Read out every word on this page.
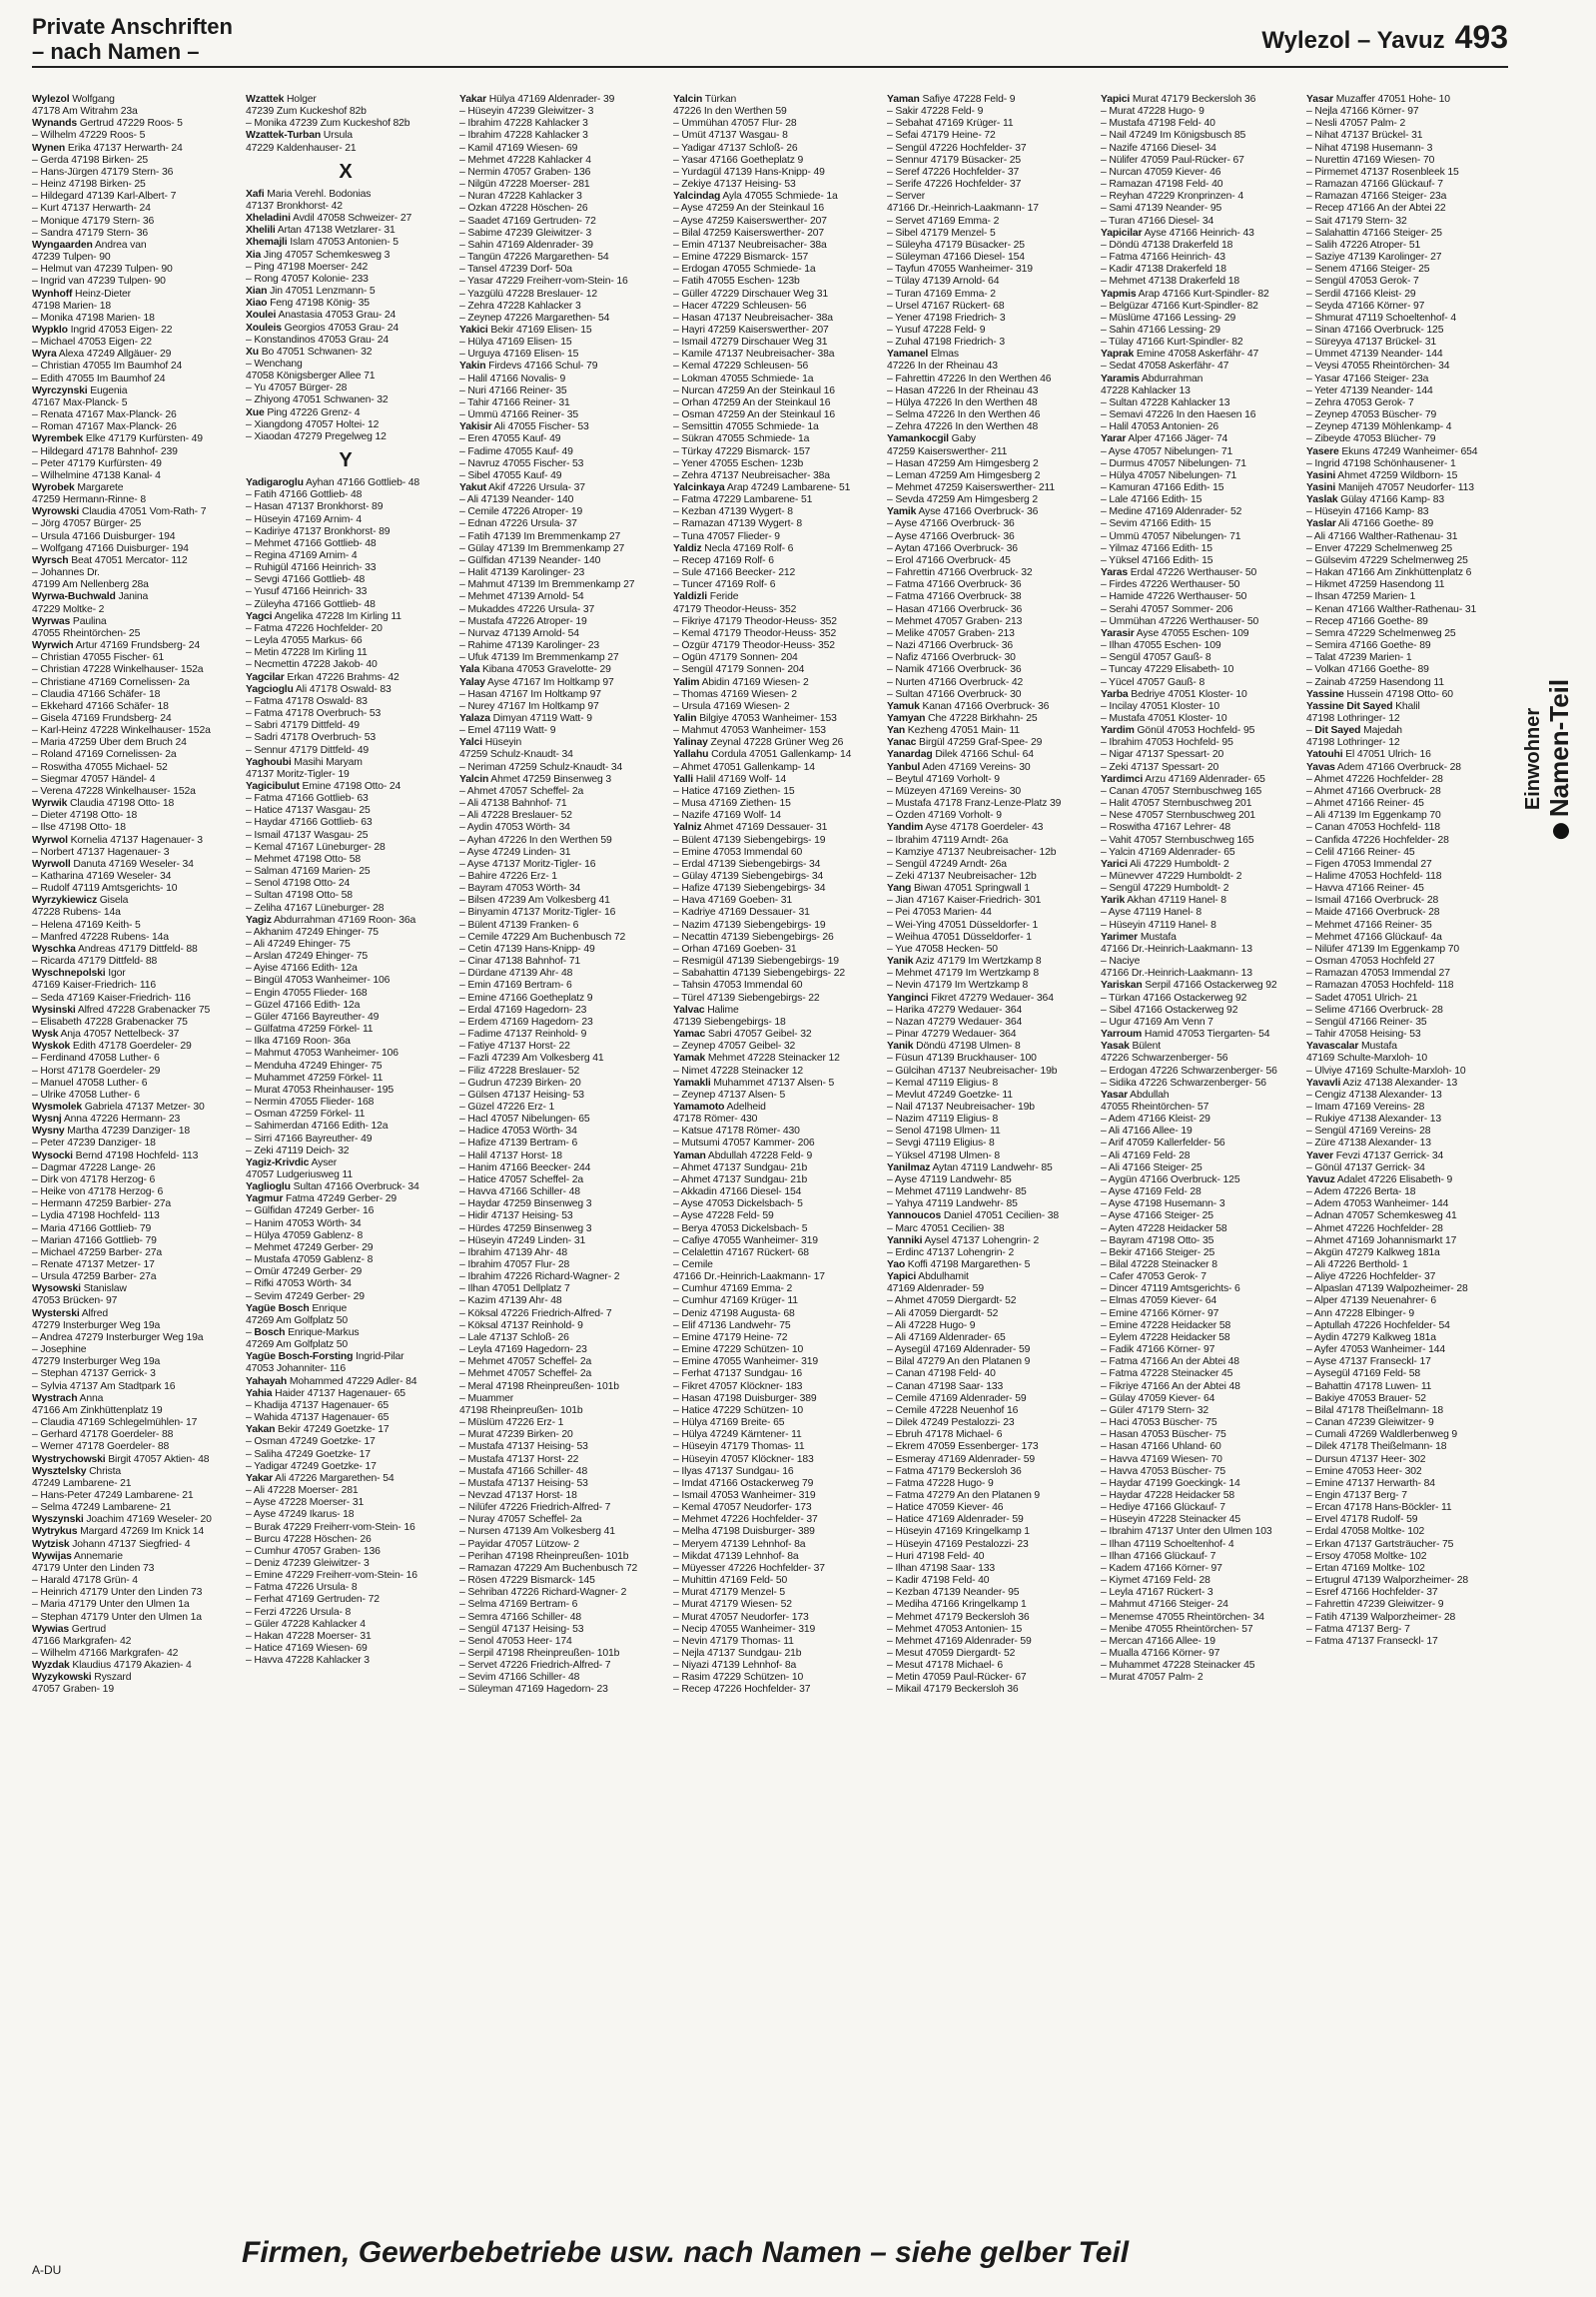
Private Anschriften
– nach Namen –	Wylezol – Yavuz 493
Wylezol Wolfgang
47178 Am Witrahm 23a
Wynands Gertrud 47229 Roos- 5
– Wilhelm 47229 Roos- 5
Wynen Erika 47137 Herwarth- 24
– Gerda 47198 Birken- 25
– Hans-Jürgen 47179 Stern- 36
– Heinz 47198 Birken- 25
– Hildegard 47139 Karl-Albert- 7
– Kurt 47137 Herwarth- 24
– Monique 47179 Stern- 36
– Sandra 47179 Stern- 36
Wyngaarden Andrea van
47239 Tulpen- 90
– Helmut van 47239 Tulpen- 90
– Ingrid van 47239 Tulpen- 90
Wynhoff Heinz-Dieter
47198 Marien- 18
– Monika 47198 Marien- 18
Wypklo Ingrid 47053 Eigen- 22
– Michael 47053 Eigen- 22
Wyra Alexa 47249 Allgäuer- 29
– Christian 47055 Im Baumhof 24
– Edith 47055 Im Baumhof 24
Wyrczynski Eugenia
47167 Max-Planck- 5
– Renata 47167 Max-Planck- 26
– Roman 47167 Max-Planck- 26
Wyrembek Elke 47179 Kurfürsten- 49
– Hildegard 47178 Bahnhof- 239
– Peter 47179 Kurfürsten- 49
– Wilhelmine 47138 Kanal- 4
Wyrobek Margarete
47259 Hermann-Rinne- 8
Wyrowski Claudia 47051 Vom-Rath- 7
– Jörg 47057 Bürger- 25
– Ursula 47166 Duisburger- 194
– Wolfgang 47166 Duisburger- 194
Wyrsch Beat 47051 Mercator- 112
– Johannes Dr.
47199 Am Nellenberg 28a
Wyrwa-Buchwald Janina
47229 Moltke- 2
Wyrwas Paulina
47055 Rheintörchen- 25
Wyrwich Artur 47169 Frundsberg- 24
– Christian 47055 Fischer- 61
– Christian 47228 Winkelhauser- 152a
– Christiane 47169 Cornelissen- 2a
– Claudia 47166 Schäfer- 18
– Ekkehard 47166 Schäfer- 18
– Gisela 47169 Frundsberg- 24
– Karl-Heinz 47228 Winkelhauser- 152a
– Maria 47259 Über dem Bruch 24
– Roland 47169 Cornelissen- 2a
– Roswitha 47055 Michael- 52
– Siegmar 47057 Händel- 4
– Verena 47228 Winkelhauser- 152a
Wyrwik Claudia 47198 Otto- 18
– Dieter 47198 Otto- 18
– Ilse 47198 Otto- 18
Wyrwol Kornelia 47137 Hagenauer- 3
– Norbert 47137 Hagenauer- 3
Wyrwoll Danuta 47169 Weseler- 34
– Katharina 47169 Weseler- 34
– Rudolf 47119 Amtsgerichts- 10
Wyrzykiewicz Gisela
47228 Rubens- 14a
– Helena 47169 Keith- 5
– Manfred 47228 Rubens- 14a
Wyschka Andreas 47179 Dittfeld- 88
– Ricarda 47179 Dittfeld- 88
Wyschnepolski Igor
47169 Kaiser-Friedrich- 116
– Seda 47169 Kaiser-Friedrich- 116
Wysinski Alfred 47228 Grabenacker 75
– Elisabeth 47228 Grabenacker 75
Wysk Anja 47057 Nettelbeck- 37
Wyskok Edith 47178 Goerdeler- 29
– Ferdinand 47058 Luther- 6
– Horst 47178 Goerdeler- 29
– Manuel 47058 Luther- 6
– Ulrike 47058 Luther- 6
Wysmolek Gabriela 47137 Metzer- 30
Wysnj Anna 47226 Hermann- 23
Wysny Martha 47239 Danziger- 18
– Peter 47239 Danziger- 18
Wysocki Bernd 47198 Hochfeld- 113
– Dagmar 47228 Lange- 26
– Dirk von 47178 Herzog- 6
– Heike von 47178 Herzog- 6
– Hermann 47259 Barbier- 27a
– Lydia 47198 Hochfeld- 113
– Maria 47166 Gottlieb- 79
– Marian 47166 Gottlieb- 79
– Michael 47259 Barber- 27a
– Renate 47137 Metzer- 17
– Ursula 47259 Barber- 27a
Wysowski Stanislaw
47053 Brücken- 97
Wysterski Alfred
47279 Insterburger Weg 19a
– Andrea 47279 Insterburger Weg 19a
– Josephine
47279 Insterburger Weg 19a
– Stephan 47137 Gerrick- 3
– Sylvia 47137 Am Stadtpark 16
Wystrach Anna
47166 Am Zinkhüttenplatz 19
– Claudia 47169 Schlegelmühlen- 17
– Gerhard 47178 Goerdeler- 88
– Werner 47178 Goerdeler- 88
Wystrychowski Birgit 47057 Aktien- 48
Wysztelsky Christa
47249 Lambarene- 21
– Hans-Peter 47249 Lambarene- 21
– Selma 47249 Lambarene- 21
Wyszynski Joachim 47169 Weseler- 20
Wytrykus Margard 47269 Im Knick 14
Wytzisk Johann 47137 Siegfried- 4
Wywijas Annemarie
47179 Unter den Linden 73
– Harald 47178 Grün- 4
– Heinrich 47179 Unter den Linden 73
– Maria 47179 Unter den Ulmen 1a
– Stephan 47179 Unter den Ulmen 1a
Wywias Gertrud
47166 Markgrafen- 42
– Wilhelm 47166 Markgrafen- 42
Wyzdak Klaudius 47179 Akazien- 4
Wyzykowski Ryszard
47057 Graben- 19
Wzattek Holger
47239 Zum Kuckeshof 82b
– Monika 47239 Zum Kuckeshof 82b
Wzattek-Turban Ursula
47229 Kaldenhauser- 21
X
Xafi Maria Verehl. Bodonias
47137 Bronkhorst- 42
Xheladini Avdil 47058 Schweizer- 27
Xhelili Artan 47138 Wetzlarer- 31
Xhemajli Islam 47053 Antonien- 5
Xia Jing 47057 Schemkesweg 3
– Ping 47198 Moerser- 242
– Rong 47057 Kolonie- 233
Xian Jin 47051 Lenzmann- 5
Xiao Feng 47198 König- 35
Xoulei Anastasia 47053 Grau- 24
Xouleis Georgios 47053 Grau- 24
– Konstandinos 47053 Grau- 24
Xu Bo 47051 Schwanen- 32
– Wenchang
47058 Königsberger Allee 71
– Yu 47057 Bürger- 28
– Zhiyong 47051 Schwanen- 32
Xue Ping 47226 Grenz- 4
– Xiangdong 47057 Holtei- 12
– Xiaodan 47279 Pregelweg 12
Y
Yadigaroglu Ayhan 47166 Gottlieb- 48
– Fatih 47166 Gottlieb- 48
– Hasan 47137 Bronkhorst- 89
– Hüseyin 47169 Arnim- 4
– Kadiriye 47137 Bronkhorst- 89
– Mehmet 47166 Gottlieb- 48
– Regina 47169 Arnim- 4
– Ruhigül 47166 Heinrich- 33
– Sevgi 47166 Gottlieb- 48
– Yusuf 47166 Heinrich- 33
– Züleyha 47166 Gottlieb- 48
Yagci Angelika 47228 Im Kirling 11
– Fatma 47226 Hochfelder- 20
– Leyla 47055 Markus- 66
– Metin 47228 Im Kirling 11
– Necmettin 47228 Jakob- 40
Yagcilar Erkan 47226 Brahms- 42
Yagcioglu Ali 47178 Oswald- 83
– Fatma 47178 Oswald- 83
– Fatma 47178 Overbruch- 53
– Sabri 47179 Dittfeld- 49
– Sadri 47178 Overbruch- 53
– Sennur 47179 Dittfeld- 49
Yaghoubi Masihi Maryam
47137 Moritz-Tigler- 19
Yagicibulut Emine 47198 Otto- 24
– Fatma 47166 Gottlieb- 63
– Hatice 47137 Wasgau- 25
– Haydar 47166 Gottlieb- 63
– Ismail 47137 Wasgau- 25
– Kemal 47167 Lüneburger- 28
– Mehmet 47198 Otto- 58
– Salman 47169 Marien- 25
– Senol 47198 Otto- 24
– Sultan 47198 Otto- 58
– Zeliha 47167 Lüneburger- 28
Yagiz Abdurrahman 47169 Roon- 36a
– Akhanim 47249 Ehinger- 75
– Ali 47249 Ehinger- 75
– Arslan 47249 Ehinger- 75
– Ayise 47166 Edith- 12a
– Bingül 47053 Wanheimer- 106
– Engin 47055 Flieder- 168
– Güzel 47166 Edith- 12a
– Güler 47166 Bayreuther- 49
– Gülfatma 47259 Förkel- 11
– Ilka 47169 Roon- 36a
– Mahmut 47053 Wanheimer- 106
– Menduha 47249 Ehinger- 75
– Muhammet 47259 Förkel- 11
– Murat 47053 Rheinhauser- 195
– Nermin 47055 Flieder- 168
– Osman 47259 Förkel- 11
– Sahimerdan 47166 Edith- 12a
– Sirri 47166 Bayreuther- 49
– Zeki 47119 Deich- 32
Yagiz-Krivdic Ayser
47057 Ludgeriusweg 11
Yaglioglu Sultan 47166 Overbruck- 34
Yagmur Fatma 47249 Gerber- 29
– Gülfidan 47249 Gerber- 16
– Hanim 47053 Wörth- 34
– Hülya 47059 Gablenz- 8
– Mehmet 47249 Gerber- 29
– Mustafa 47059 Gablenz- 8
– Ömür 47249 Gerber- 29
– Rifki 47053 Wörth- 34
– Sevim 47249 Gerber- 29
Yagüe Bosch Enrique
47269 Am Golfplatz 50
– Bosch Enrique-Markus
47269 Am Golfplatz 50
Yagüe Bosch-Forsting Ingrid-Pilar
47053 Johanniter- 116
Yahayah Mohammed 47229 Adler- 84
Yahia Haider 47137 Hagenauer- 65
– Khadija 47137 Hagenauer- 65
– Wahida 47137 Hagenauer- 65
Yakan Bekir 47249 Goetzke- 17
– Osman 47249 Goetzke- 17
– Saliha 47249 Goetzke- 17
– Yadigar 47249 Goetzke- 17
Yakar Ali 47226 Margarethen- 54
– Ali 47228 Moerser- 281
– Ayse 47228 Moerser- 31
– Ayse 47249 Ikarus- 18
– Burak 47229 Freiherr-vom-Stein- 16
– Burcu 47228 Höschen- 26
– Cumhur 47057 Graben- 136
– Deniz 47239 Gleiwitzer- 3
– Emine 47229 Freiherr-vom-Stein- 16
– Fatma 47226 Ursula- 8
– Ferhat 47169 Gertruden- 72
– Ferzi 47226 Ursula- 8
– Güler 47228 Kahlacker 4
– Hakan 47228 Moerser- 31
– Hatice 47169 Wiesen- 69
– Havva 47228 Kahlacker 3
Yakar Hülya 47169 Aldenrader- 39
– Hüseyin 47239 Gleiwitzer- 3
– Ibrahim 47228 Kahlacker 3
– Ibrahim 47228 Kahlacker 3
– Kamil 47169 Wiesen- 69
– Mehmet 47228 Kahlacker 4
– Nermin 47057 Graben- 136
– Nilgün 47228 Moerser- 281
– Nuran 47228 Kahlacker 3
– Özkan 47228 Höschen- 26
– Saadet 47169 Gertruden- 72
– Sabime 47239 Gleiwitzer- 3
– Sahin 47169 Aldenrader- 39
– Tangün 47226 Margarethen- 54
– Tansel 47239 Dorf- 50a
– Yasar 47229 Freiherr-vom-Stein- 16
– Yazgülü 47228 Breslauer- 12
– Zehra 47228 Kahlacker 3
– Zeynep 47226 Margarethen- 54
Yakici Bekir 47169 Elisen- 15
– Hülya 47169 Elisen- 15
– Urguya 47169 Elisen- 15
Yakin Firdevs 47166 Schul- 79
– Halil 47166 Novalis- 9
– Nuri 47166 Reiner- 35
– Tahir 47166 Reiner- 31
– Ümmü 47166 Reiner- 35
Yakisir Ali 47055 Fischer- 53
– Eren 47055 Kauf- 49
– Fadime 47055 Kauf- 49
– Navruz 47055 Fischer- 53
– Sibel 47055 Kauf- 49
Yakut Akif 47226 Ursula- 37
– Ali 47139 Neander- 140
– Cemile 47226 Atroper- 19
– Ednan 47226 Ursula- 37
– Fatih 47139 Im Bremmenkamp 27
– Gülay 47139 Im Bremmenkamp 27
– Gülfidan 47139 Neander- 140
– Halit 47139 Karolinger- 23
– Mahmut 47139 Im Bremmenkamp 27
– Mehmet 47139 Arnold- 54
– Mukaddes 47226 Ursula- 37
– Mustafa 47226 Atroper- 19
– Nurvaz 47139 Arnold- 54
– Rahime 47139 Karolinger- 23
– Ufuk 47139 Im Bremmenkamp 27
Yala Kibana 47053 Gravelotte- 29
Yalay Ayse 47167 Im Holtkamp 97
– Hasan 47167 Im Holtkamp 97
– Nurey 47167 Im Holtkamp 97
Yalaza Dimyan 47119 Watt- 9
– Emel 47119 Watt- 9
Yalci Hüseyin
47259 Schulz-Knaudt- 34
– Neriman 47259 Schulz-Knaudt- 34
Yalcin Ahmet 47259 Binsenweg 3
– Ahmet 47057 Scheffel- 2a
– Ali 47138 Bahnhof- 71
– Ali 47228 Breslauer- 52
– Aydin 47053 Wörth- 34
– Ayhan 47226 In den Werthen 59
– Ayse 47249 Linden- 31
– Ayse 47137 Moritz-Tigler- 16
– Bahire 47226 Erz- 1
– Bayram 47053 Wörth- 34
– Bilsen 47239 Am Volkesberg 41
– Binyamin 47137 Moritz-Tigler- 16
– Bülent 47139 Franken- 6
– Cemile 47229 Am Buchenbusch 72
– Cetin 47139 Hans-Knipp- 49
– Cinar 47138 Bahnhof- 71
– Dürdane 47139 Ahr- 48
– Emin 47169 Bertram- 6
– Emine 47166 Goetheplatz 9
– Erdal 47169 Hagedorn- 23
– Erdem 47169 Hagedorn- 23
– Fadime 47137 Reinhold- 9
– Fatiye 47137 Horst- 22
– Fazli 47239 Am Volkesberg 41
– Filiz 47228 Breslauer- 52
– Gudrun 47239 Birken- 20
– Gülsen 47137 Heising- 53
– Güzel 47226 Erz- 1
– Hacl 47057 Nibelungen- 65
– Hadice 47053 Wörth- 34
– Hafize 47139 Bertram- 6
– Halil 47137 Horst- 18
– Hanim 47166 Beecker- 244
– Hatice 47057 Scheffel- 2a
– Havva 47166 Schiller- 48
– Haydar 47259 Binsenweg 3
– Hidir 47137 Heising- 53
– Hürdes 47259 Binsenweg 3
– Hüseyin 47249 Linden- 31
– Ibrahim 47139 Ahr- 48
– Ibrahim 47057 Flur- 28
– Ibrahim 47226 Richard-Wagner- 2
– Ilhan 47051 Dellplatz 7
– Kazim 47139 Ahr- 48
– Köksal 47226 Friedrich-Alfred- 7
– Köksal 47137 Reinhold- 9
– Lale 47137 Schloß- 26
– Leyla 47169 Hagedorn- 23
– Mehmet 47057 Scheffel- 2a
– Mehmet 47057 Scheffel- 2a
– Meral 47198 Rheinpreußen- 101b
– Muammer
47198 Rheinpreußen- 101b
– Müslüm 47226 Erz- 1
– Murat 47239 Birken- 20
– Mustafa 47137 Heising- 53
– Mustafa 47137 Horst- 22
– Mustafa 47166 Schiller- 48
– Mustafa 47137 Heising- 53
– Nevzad 47137 Horst- 18
– Nilüfer 47226 Friedrich-Alfred- 7
– Nuray 47057 Scheffel- 2a
– Nursen 47139 Am Volkesberg 41
– Payidar 47057 Lützow- 2
– Perihan 47198 Rheinpreußen- 101b
– Ramazan 47229 Am Buchenbusch 72
– Rösen 47229 Bismarck- 145
– Sehriban 47226 Richard-Wagner- 2
– Selma 47169 Bertram- 6
– Semra 47166 Schiller- 48
– Sengül 47137 Heising- 53
– Senol 47053 Heer- 174
– Serpil 47198 Rheinpreußen- 101b
– Servet 47226 Friedrich-Alfred- 7
– Sevim 47166 Schiller- 48
– Süleyman 47169 Hagedorn- 23
Yalcin Türkan
47226 In den Werthen 59
– Ümmühan 47057 Flur- 28
– Ümüt 47137 Wasgau- 8
– Yadigar 47137 Schloß- 26
– Yasar 47166 Goetheplatz 9
– Yurdagül 47139 Hans-Knipp- 49
– Zekiye 47137 Heising- 53
Yalcindag Ayla 47055 Schmiede- 1a
– Ayse 47259 An der Steinkaul 16
– Ayse 47259 Kaiserswerther- 207
– Bilal 47259 Kaiserswerther- 207
– Emin 47137 Neubreisacher- 38a
– Emine 47229 Bismarck- 157
– Erdogan 47055 Schmiede- 1a
– Fatih 47055 Eschen- 123b
– Güller 47229 Dirschauer Weg 31
– Hacer 47229 Schleusen- 56
– Hasan 47137 Neubreisacher- 38a
– Hayri 47259 Kaiserswerther- 207
– Ismail 47279 Dirschauer Weg 31
– Kamile 47137 Neubreisacher- 38a
– Kemal 47229 Schleusen- 56
– Lokman 47055 Schmiede- 1a
– Nurcan 47259 An der Steinkaul 16
– Orhan 47259 An der Steinkaul 16
– Osman 47259 An der Steinkaul 16
– Semsittin 47055 Schmiede- 1a
– Sükran 47055 Schmiede- 1a
– Türkay 47229 Bismarck- 157
– Yener 47055 Eschen- 123b
– Zehra 47137 Neubreisacher- 38a
Yalcinkaya Arap 47249 Lambarene- 51
– Fatma 47229 Lambarene- 51
– Kezban 47139 Wygert- 8
– Ramazan 47139 Wygert- 8
– Tuna 47057 Flieder- 9
Yaldiz Necla 47169 Rolf- 6
– Recep 47169 Rolf- 6
– Sule 47166 Beecker- 212
– Tuncer 47169 Rolf- 6
Yaldizli Feride
47179 Theodor-Heuss- 352
– Fikriye 47179 Theodor-Heuss- 352
– Kemal 47179 Theodor-Heuss- 352
– Özgür 47179 Theodor-Heuss- 352
– Ogün 47179 Sonnen- 204
– Sengül 47179 Sonnen- 204
Yalim Abidin 47169 Wiesen- 2
– Thomas 47169 Wiesen- 2
– Ursula 47169 Wiesen- 2
Yalin Bilgiye 47053 Wanheimer- 153
– Mahmut 47053 Wanheimer- 153
Yalinay Zeynal 47228 Grüner Weg 26
Yallahu Cordula 47051 Gallenkamp- 14
– Ahmet 47051 Gallenkamp- 14
Yalli Halil 47169 Wolf- 14
– Hatice 47169 Ziethen- 15
– Musa 47169 Ziethen- 15
– Nazife 47169 Wolf- 14
Yalniz Ahmet 47169 Dessauer- 31
– Bülent 47139 Siebengebirgs- 19
– Emine 47053 Immendal 60
– Erdal 47139 Siebengebirgs- 34
– Gülay 47139 Siebengebirgs- 34
– Hafize 47139 Siebengebirgs- 34
– Hava 47169 Goeben- 31
– Kadriye 47169 Dessauer- 31
– Nazim 47139 Siebengebirgs- 19
– Necattin 47139 Siebengebirgs- 26
– Orhan 47169 Goeben- 31
– Resmigül 47139 Siebengebirgs- 19
– Sabahattin 47139 Siebengebirgs- 22
– Tahsin 47053 Immendal 60
– Türel 47139 Siebengebirgs- 22
Yalvac Halime
47139 Siebengebirgs- 18
Yamac Sabri 47057 Geibel- 32
– Zeynep 47057 Geibel- 32
Yamak Mehmet 47228 Steinacker 12
– Nimet 47228 Steinacker 12
Yamakli Muhammet 47137 Alsen- 5
– Zeynep 47137 Alsen- 5
Yamamoto Adelheid
47178 Römer- 430
– Katsue 47178 Römer- 430
– Mutsumi 47057 Kammer- 206
Yaman Abdullah 47228 Feld- 9
– Ahmet 47137 Sundgau- 21b
– Ahmet 47137 Sundgau- 21b
– Akkadin 47166 Diesel- 154
– Ayse 47053 Dickelsbach- 5
– Ayse 47228 Feld- 59
– Berya 47053 Dickelsbach- 5
– Cafiye 47055 Wanheimer- 319
– Celalettin 47167 Rückert- 68
– Cemile
47166 Dr.-Heinrich-Laakmann- 17
– Cumhur 47169 Emma- 2
– Cumhur 47169 Krüger- 11
– Deniz 47198 Augusta- 68
– Elif 47136 Landwehr- 75
– Emine 47179 Heine- 72
– Emine 47229 Schützen- 10
– Emine 47055 Wanheimer- 319
– Ferhat 47137 Sundgau- 16
– Fikret 47057 Klöckner- 183
– Hasan 47198 Duisburger- 389
– Hatice 47229 Schützen- 10
– Hülya 47169 Breite- 65
– Hülya 47249 Kärntener- 11
– Hüseyin 47179 Thomas- 11
– Hüseyin 47057 Klöckner- 183
– Ilyas 47137 Sundgau- 16
– Imdat 47166 Ostackerweg 79
– Ismail 47053 Wanheimer- 319
– Kemal 47057 Neudorfer- 173
– Mehmet 47226 Hochfelder- 37
– Melha 47198 Duisburger- 389
– Meryem 47139 Lehnhof- 8a
– Mikdat 47139 Lehnhof- 8a
– Müyesser 47226 Hochfelder- 37
– Muhittin 47169 Feld- 50
– Murat 47179 Menzel- 5
– Murat 47179 Wiesen- 52
– Murat 47057 Neudorfer- 173
– Necip 47055 Wanheimer- 319
– Nevin 47179 Thomas- 11
– Nejla 47137 Sundgau- 21b
– Niyazi 47139 Lehnhof- 8a
– Rasim 47229 Schützen- 10
– Recep 47226 Hochfelder- 37
Yaman Safiye 47228 Feld- 9
– Sakir 47228 Feld- 9
– Sebahat 47169 Krüger- 11
– Sefai 47179 Heine- 72
– Sengül 47226 Hochfelder- 37
– Sennur 47179 Büsacker- 25
– Seref 47226 Hochfelder- 37
– Serife 47226 Hochfelder- 37
– Server
47166 Dr.-Heinrich-Laakmann- 17
– Servet 47169 Emma- 2
– Sibel 47179 Menzel- 5
– Süleyha 47179 Büsacker- 25
– Süleyman 47166 Diesel- 154
– Tayfun 47055 Wanheimer- 319
– Tülay 47139 Arnold- 64
– Turan 47169 Emma- 2
– Ursel 47167 Rückert- 68
– Yener 47198 Friedrich- 3
– Yusuf 47228 Feld- 9
– Zuhal 47198 Friedrich- 3
Yamanel Elmas
47226 In der Rheinau 43
– Fahrettin 47226 In den Werthen 46
– Hasan 47226 In der Rheinau 43
– Hülya 47226 In den Werthen 48
– Selma 47226 In den Werthen 46
– Zehra 47226 In den Werthen 48
Yamankocgil Gaby
47259 Kaiserswerther- 211
– Hasan 47259 Am Himgesberg 2
– Leman 47259 Am Himgesberg 2
– Mehmet 47259 Kaiserswerther- 211
– Sevda 47259 Am Himgesberg 2
Yamik Ayse 47166 Overbruck- 36
– Ayse 47166 Overbruck- 36
– Ayse 47166 Overbruck- 36
– Aytan 47166 Overbruck- 36
– Erol 47166 Overbruck- 45
– Fahrettin 47166 Overbruck- 32
– Fatma 47166 Overbruck- 36
– Fatma 47166 Overbruck- 38
– Hasan 47166 Overbruck- 36
– Mehmet 47057 Graben- 213
– Melike 47057 Graben- 213
– Nazi 47166 Overbruck- 36
– Nafiz 47166 Overbruck- 30
– Namik 47166 Overbruck- 36
– Nurten 47166 Overbruck- 42
– Sultan 47166 Overbruck- 30
Yamuk Kanan 47166 Overbruck- 36
Yamyan Che 47228 Birkhahn- 25
Yan Kezheng 47051 Main- 11
Yanac Birgül 47259 Graf-Spee- 29
Yanardag Dilek 47166 Schul- 64
Yanbul Aden 47169 Vereins- 30
– Beytul 47169 Vorholt- 9
– Müzeyen 47169 Vereins- 30
– Mustafa 47178 Franz-Lenze-Platz 39
– Özden 47169 Vorholt- 9
Yandim Ayse 47178 Goerdeler- 43
– Ibrahim 47119 Arndt- 26a
– Kamziye 47137 Neubreisacher- 12b
– Sengül 47249 Arndt- 26a
– Zeki 47137 Neubreisacher- 12b
Yang Biwan 47051 Springwall 1
– Jian 47167 Kaiser-Friedrich- 301
– Pei 47053 Marien- 44
– Wei-Ying 47051 Düsseldorfer- 1
– Weihua 47051 Düsseldorfer- 1
– Yue 47058 Hecken- 50
Yanik Aziz 47179 Im Wertzkamp 8
– Mehmet 47179 Im Wertzkamp 8
– Nevin 47179 Im Wertzkamp 8
Yanginci Fikret 47279 Wedauer- 364
– Harika 47279 Wedauer- 364
– Nazan 47279 Wedauer- 364
– Pinar 47279 Wedauer- 364
Yanik Döndü 47198 Ulmen- 8
– Füsun 47139 Bruckhauser- 100
– Gülcihan 47137 Neubreisacher- 19b
– Kemal 47119 Eligius- 8
– Mevlut 47249 Goetzke- 11
– Nail 47137 Neubreisacher- 19b
– Nazim 47119 Eligius- 8
– Senol 47198 Ulmen- 11
– Sevgi 47119 Eligius- 8
– Yüksel 47198 Ulmen- 8
Yanilmaz Aytan 47119 Landwehr- 85
– Ayse 47119 Landwehr- 85
– Mehmet 47119 Landwehr- 85
– Yahya 47119 Landwehr- 85
Yannoucos Daniel 47051 Cecilien- 38
– Marc 47051 Cecilien- 38
Yanniki Aysel 47137 Lohengrin- 2
– Erdinc 47137 Lohengrin- 2
Yao Koffi 47198 Margarethen- 5
Yapici Abdulhamit
47169 Aldenrader- 59
– Ahmet 47059 Diergardt- 52
– Ali 47059 Diergardt- 52
– Ali 47228 Hugo- 9
– Ali 47169 Aldenrader- 65
– Aysegül 47169 Aldenrader- 59
– Bilal 47279 An den Platanen 9
– Canan 47198 Feld- 40
– Canan 47198 Saar- 133
– Cemile 47169 Aldenrader- 59
– Cemile 47228 Neuenhof 16
– Dilek 47249 Pestalozzi- 23
– Ebruh 47178 Michael- 6
– Ekrem 47059 Essenberger- 173
– Esmeray 47169 Aldenrader- 59
– Fatma 47179 Beckersloh 36
– Fatma 47228 Hugo- 9
– Fatma 47279 An den Platanen 9
– Hatice 47059 Kiever- 46
– Hatice 47169 Aldenrader- 59
– Hüseyin 47169 Kringelkamp 1
– Hüseyin 47169 Pestalozzi- 23
– Huri 47198 Feld- 40
– Ilhan 47198 Saar- 133
– Kadir 47198 Feld- 40
– Kezban 47139 Neander- 95
– Mediha 47166 Kringelkamp 1
– Mehmet 47179 Beckersloh 36
– Mehmet 47053 Antonien- 15
– Mehmet 47169 Aldenrader- 59
– Mesut 47059 Diergardt- 52
– Mesut 47178 Michael- 6
– Metin 47059 Paul-Rücker- 67
– Mikail 47179 Beckersloh 36
Yapici Murat 47179 Beckersloh 36
– Murat 47228 Hugo- 9
– Mustafa 47198 Feld- 40
– Nail 47249 Im Königsbusch 85
– Nazife 47166 Diesel- 34
– Nülifer 47059 Paul-Rücker- 67
– Nurcan 47059 Kiever- 46
– Ramazan 47198 Feld- 40
– Reyhan 47229 Kronprinzen- 4
– Sami 47139 Neander- 95
– Turan 47166 Diesel- 34
Yapicilar Ayse 47166 Heinrich- 43
– Döndü 47138 Drakerfeld 18
– Fatma 47166 Heinrich- 43
– Kadir 47138 Drakerfeld 18
– Mehmet 47138 Drakerfeld 18
Yapmis Arap 47166 Kurt-Spindler- 82
– Belgüzar 47166 Kurt-Spindler- 82
– Müslüme 47166 Lessing- 29
– Sahin 47166 Lessing- 29
– Tülay 47166 Kurt-Spindler- 82
Yaprak Emine 47058 Askerfähr- 47
– Sedat 47058 Askerfähr- 47
Yaramis Abdurrahman
47228 Kahlacker 13
– Sultan 47228 Kahlacker 13
– Semavi 47226 In den Haesen 16
– Halil 47053 Antonien- 26
Yarar Alper 47166 Jäger- 74
– Ayse 47057 Nibelungen- 71
– Durmus 47057 Nibelungen- 71
– Hülya 47057 Nibelungen- 71
– Kamuran 47166 Edith- 15
– Lale 47166 Edith- 15
– Medine 47169 Aldenrader- 52
– Sevim 47166 Edith- 15
– Ümmü 47057 Nibelungen- 71
– Yilmaz 47166 Edith- 15
– Yüksel 47166 Edith- 15
Yaras Erdal 47226 Werthauser- 50
– Firdes 47226 Werthauser- 50
– Hamide 47226 Werthauser- 50
– Serahi 47057 Sommer- 206
– Ümmühan 47226 Werthauser- 50
Yarasir Ayse 47055 Eschen- 109
– Ilhan 47055 Eschen- 109
– Sengül 47057 Gauß- 8
– Tuncay 47229 Elisabeth- 10
– Yücel 47057 Gauß- 8
Yarba Bedriye 47051 Kloster- 10
– Incilay 47051 Kloster- 10
– Mustafa 47051 Kloster- 10
Yardim Gönül 47053 Hochfeld- 95
– Ibrahim 47053 Hochfeld- 95
– Nigar 47137 Spessart- 20
– Zeki 47137 Spessart- 20
Yardimci Arzu 47169 Aldenrader- 65
– Canan 47057 Sternbuschweg 165
– Halit 47057 Sternbuschweg 201
– Nese 47057 Sternbuschweg 201
– Roswitha 47167 Lehrer- 48
– Vahit 47057 Sternbuschweg 165
– Yalcin 47169 Aldenrader- 65
Yarici Ali 47229 Humboldt- 2
– Münevver 47229 Humboldt- 2
– Sengül 47229 Humboldt- 2
Yarik Akhan 47119 Hanel- 8
– Ayse 47119 Hanel- 8
– Hüseyin 47119 Hanel- 8
Yarimer Mustafa
47166 Dr.-Heinrich-Laakmann- 13
– Naciye
47166 Dr.-Heinrich-Laakmann- 13
Yariskan Serpil 47166 Ostackerweg 92
– Türkan 47166 Ostackerweg 92
– Sibel 47166 Ostackerweg 92
– Ugur 47169 Am Venn 7
Yarroum Hamid 47053 Tiergarten- 54
Yasak Bülent
47226 Schwarzenberger- 56
– Erdogan 47226 Schwarzenberger- 56
– Sidika 47226 Schwarzenberger- 56
Yasar Abdullah
47055 Rheintörchen- 57
– Adem 47166 Kleist- 29
– Ali 47166 Allee- 19
– Arif 47059 Kallerfelder- 56
– Ali 47169 Feld- 28
– Ali 47166 Steiger- 25
– Aygün 47166 Overbruck- 125
– Ayse 47169 Feld- 28
– Ayse 47198 Husemann- 3
– Ayse 47166 Steiger- 25
– Ayten 47228 Heidacker 58
– Bayram 47198 Otto- 35
– Bekir 47166 Steiger- 25
– Bilal 47228 Steinacker 8
– Cafer 47053 Gerok- 7
– Dincer 47119 Amtsgerichts- 6
– Elmas 47059 Kiever- 64
– Emine 47166 Körner- 97
– Emine 47228 Heidacker 58
– Eylem 47228 Heidacker 58
– Fadik 47166 Körner- 97
– Fatma 47166 An der Abtei 48
– Fatma 47228 Steinacker 45
– Fikriye 47166 An der Abtei 48
– Gülay 47059 Kiever- 64
– Güler 47179 Stern- 32
– Haci 47053 Büscher- 75
– Hasan 47053 Büscher- 75
– Hasan 47166 Uhland- 60
– Havva 47169 Wiesen- 70
– Havva 47053 Büscher- 75
– Haydar 47199 Goeckingk- 14
– Haydar 47228 Heidacker 58
– Hediye 47166 Glückauf- 7
– Hüseyin 47228 Steinacker 45
– Ibrahim 47137 Unter den Ulmen 103
– Ilhan 47119 Schoeltenhof- 4
– Ilhan 47166 Glückauf- 7
– Kadem 47166 Körner- 97
– Kiymet 47169 Feld- 28
– Leyla 47167 Rückert- 3
– Mahmut 47166 Steiger- 24
– Menemse 47055 Rheintörchen- 34
– Menibe 47055 Rheintörchen- 57
– Mercan 47166 Allee- 19
– Mualla 47166 Körner- 97
– Muhammet 47228 Steinacker 45
– Murat 47057 Palm- 2
Yasar Muzaffer 47051 Hohe- 10
– Nejla 47166 Körner- 97
– Nesli 47057 Palm- 2
– Nihat 47137 Brückel- 31
– Nihat 47198 Husemann- 3
– Nurettin 47169 Wiesen- 70
– Pirmemet 47137 Rosenbleek 15
– Ramazan 47166 Glückauf- 7
– Ramazan 47166 Steiger- 23a
– Recep 47166 An der Abtei 22
– Sait 47179 Stern- 32
– Salahattin 47166 Steiger- 25
– Salih 47226 Atroper- 51
– Saziye 47139 Karolinger- 27
– Senem 47166 Steiger- 25
– Sengül 47053 Gerok- 7
– Serdil 47166 Kleist- 29
– Seyda 47166 Körner- 97
– Shmurat 47119 Schoeltenhof- 4
– Sinan 47166 Overbruck- 125
– Süreyya 47137 Brückel- 31
– Ümmet 47139 Neander- 144
– Veysi 47055 Rheintörchen- 34
– Yasar 47166 Steiger- 23a
– Yeter 47139 Neander- 144
– Zehra 47053 Gerok- 7
– Zeynep 47053 Büscher- 79
– Zeynep 47139 Möhlenkamp- 4
– Zibeyde 47053 Blücher- 79
Yasere Ekuns 47249 Wanheimer- 654
– Ingrid 47198 Schönhausener- 1
Yasini Ahmet 47259 Wildborn- 15
Yasini Manijeh 47057 Neudorfer- 113
Yaslak Gülay 47166 Kamp- 83
– Hüseyin 47166 Kamp- 83
Yaslar Ali 47166 Goethe- 89
– Ali 47166 Walther-Rathenau- 31
– Enver 47229 Schelmenweg 25
– Gülsevim 47229 Schelmenweg 25
– Hakan 47166 Am Zinkhüttenplatz 6
– Hikmet 47259 Hasendong 11
– Ihsan 47259 Marien- 1
– Kenan 47166 Walther-Rathenau- 31
– Recep 47166 Goethe- 89
– Semra 47229 Schelmenweg 25
– Semira 47166 Goethe- 89
– Talat 47239 Marien- 1
– Volkan 47166 Goethe- 89
– Zainab 47259 Hasendong 11
Yassine Hussein 47198 Otto- 60
Yassine Dit Sayed Khalil
47198 Lothringer- 12
– Dit Sayed Majedah
47198 Lothringer- 12
Yatouhi El 47051 Ulrich- 16
Yavas Adem 47166 Overbruck- 28
– Ahmet 47226 Hochfelder- 28
– Ahmet 47166 Overbruck- 28
– Ahmet 47166 Reiner- 45
– Ali 47139 Im Eggenkamp 70
– Canan 47053 Hochfeld- 118
– Canfida 47226 Hochfelder- 28
– Celil 47166 Reiner- 45
– Figen 47053 Immendal 27
– Halime 47053 Hochfeld- 118
– Havva 47166 Reiner- 45
– Ismail 47166 Overbruck- 28
– Maide 47166 Overbruck- 28
– Mehmet 47166 Reiner- 35
– Mehmet 47166 Glückauf- 4a
– Nilüfer 47139 Im Eggenkamp 70
– Osman 47053 Hochfeld 27
– Ramazan 47053 Immendal 27
– Ramazan 47053 Hochfeld- 118
– Sadet 47051 Ulrich- 21
– Selime 47166 Overbruck- 28
– Sengül 47166 Reiner- 35
– Tahir 47058 Heising- 53
Yavascalar Mustafa
47169 Schulte-Marxloh- 10
– Ülviye 47169 Schulte-Marxloh- 10
Yavavli Aziz 47138 Alexander- 13
– Cengiz 47138 Alexander- 13
– Imam 47169 Vereins- 28
– Rukiye 47138 Alexander- 13
– Sengül 47169 Vereins- 28
– Züre 47138 Alexander- 13
Yaver Fevzi 47137 Gerrick- 34
– Gönül 47137 Gerrick- 34
Yavuz Adalet 47226 Elisabeth- 9
– Adem 47226 Berta- 18
– Adem 47053 Wanheimer- 144
– Adnan 47057 Schemkesweg 41
– Ahmet 47226 Hochfelder- 28
– Ahmet 47169 Johannismarkt 17
– Akgün 47279 Kalkweg 181a
– Ali 47226 Berthold- 1
– Aliye 47226 Hochfelder- 37
– Alpaslan 47139 Walpozheimer- 28
– Alper 47139 Neuenahrer- 6
– Ann 47228 Elbinger- 9
– Aptullah 47226 Hochfelder- 54
– Aydin 47279 Kalkweg 181a
– Ayfer 47053 Wanheimer- 144
– Ayse 47137 Franseckl- 17
– Aysegül 47169 Feld- 58
– Bahattin 47178 Luwen- 11
– Bakiye 47053 Brauer- 52
– Bilal 47178 Theißelmann- 18
– Canan 47239 Gleiwitzer- 9
– Cumali 47269 Waldlerbenweg 9
– Dilek 47178 Theißelmann- 18
– Dursun 47137 Heer- 302
– Emine 47053 Heer- 302
– Emine 47137 Herwarth- 84
– Engin 47137 Berg- 7
– Ercan 47178 Hans-Böckler- 11
– Ervel 47178 Rudolf- 59
– Erdal 47058 Moltke- 102
– Erkan 47137 Gartsträucher- 75
– Ersoy 47058 Moltke- 102
– Ertan 47169 Moltke- 102
– Ertugrul 47139 Walporzheimer- 28
– Esref 47166 Hochfelder- 37
– Fahrettin 47239 Gleiwitzer- 9
– Fatih 47139 Walporzheimer- 28
– Fatma 47137 Berg- 7
– Fatma 47137 Franseckl- 17
Einwohner Namen-Teil
A-DU
Firmen, Gewerbebetriebe usw. nach Namen – siehe gelber Teil
